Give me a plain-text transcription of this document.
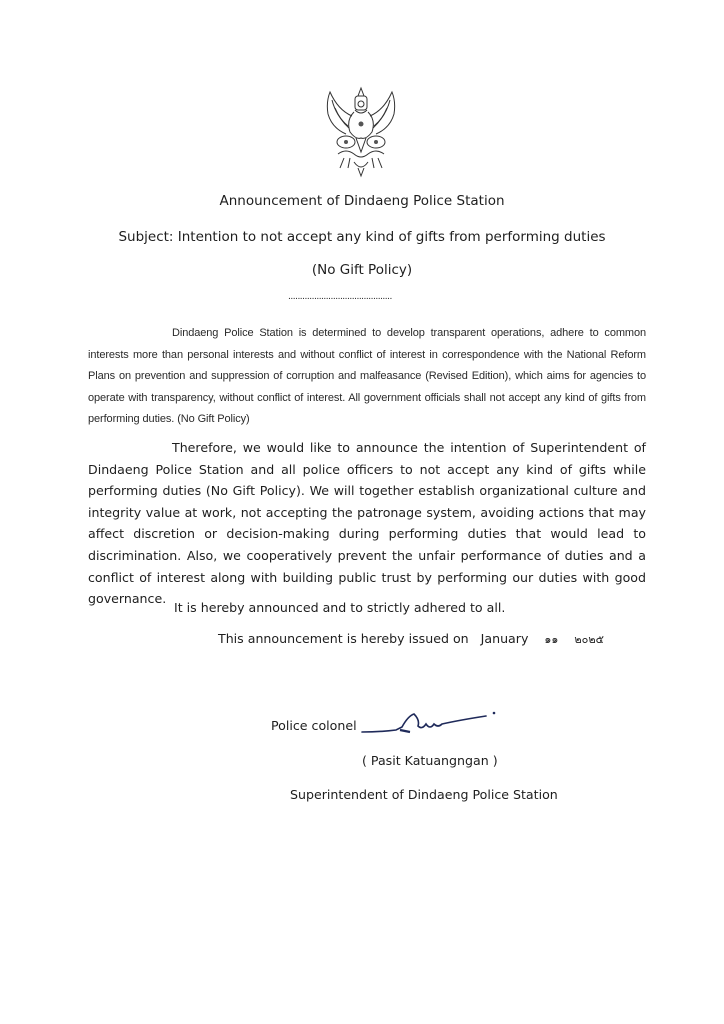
Announcement of Dindaeng Police Station
Subject: Intention to not accept any kind of gifts from performing duties
(No Gift Policy)
............................................
Dindaeng Police Station is determined to develop transparent operations, adhere to common interests more than personal interests and without conflict of interest in correspondence with the National Reform Plans on prevention and suppression of corruption and malfeasance (Revised Edition), which aims for agencies to operate with transparency, without conflict of interest. All government officials shall not accept any kind of gifts from performing duties. (No Gift Policy)
Therefore, we would like to announce the intention of Superintendent of Dindaeng Police Station and all police officers to not accept any kind of gifts while performing duties (No Gift Policy). We will together establish organizational culture and integrity value at work, not accepting the patronage system, avoiding actions that may affect discretion or decision-making during performing duties that would lead to discrimination. Also, we cooperatively prevent the unfair performance of duties and a conflict of interest along with building public trust by performing our duties with good governance.
It is hereby announced and to strictly adhered to all.
This announcement is hereby issued on January ๑๑ ๒๐๒๕
Police colonel
( Pasit Katuangngan )
Superintendent of Dindaeng Police Station
